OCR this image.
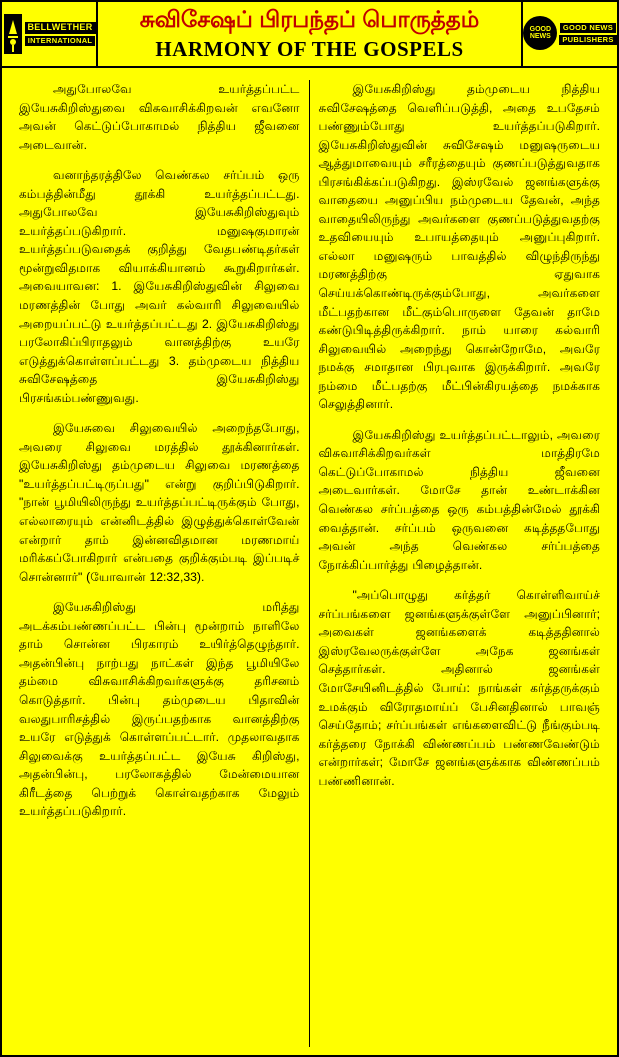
BELLWETHER
INTERNATIONAL
சுவிசேஷப் பிரபந்தப் பொருத்தம்
HARMONY OF THE GOSPELS
GOOD NEWS
GOOD NEWS
PUBLISHERS

அதுபோலவே உயர்த்தப்பட்ட இயேசுகிறிஸ்துவை விசுவாசிக்கிறவன் எவனோ அவன் கெட்டுப்போகாமல் நித்திய ஜீவனை அடைவான்.

வனாந்தரத்திலே வெண்கல சர்ப்பம் ஒரு கம்பத்தின்மீது தூக்கி உயர்த்தப்பட்டது. அதுபோலவே இயேசுகிறிஸ்துவும் உயர்த்தப்படுகிறார். மனுஷகுமாரன் உயர்த்தப்படுவதைக் குறித்து வேதபண்டிதர்கள் மூன்றுவிதமாக வியாக்கியானம் கூறுகிறார்கள். அவையாவன: 1. இயேசுகிறிஸ்துவின் சிலுவை மரணத்தின் போது அவர் கல்வாரி சிலுவையில் அறையப்பட்டு உயர்த்தப்பட்டது 2. இயேசுகிறிஸ்து பரலோகிப்பிராதலும் வானத்திற்கு உயரே எடுத்துக்கொள்ளப்பட்டது 3. தம்முடைய நித்திய சுவிசேஷத்தை இயேசுகிறிஸ்து பிரசங்கம்பண்ணுவது.

இயேசுவை சிலுவையில் அறைந்தபோது, அவரை சிலுவை மரத்தில் தூக்கினார்கள். இயேசுகிறிஸ்து தம்முடைய சிலுவை மரணத்தை "உயர்த்தப்பட்டிருப்பது" என்று குறிப்பிடுகிறார். "நான் பூமியிலிருந்து உயர்த்தப்பட்டிருக்கும் போது, எல்லாரையும் என்னிடத்தில் இழுத்துக்கொள்வேன் என்றார் தாம் இன்னவிதமான மரணமாய் மரிக்கப்போகிறார் என்பதை குறிக்கும்படி இப்படிச் சொன்னார்" (யோவான் 12:32,33).

இயேசுகிறிஸ்து மரித்து அடக்கம்பண்ணப்பட்ட பின்பு மூன்றாம் நாளிலே தாம் சொன்ன பிரகாரம் உயிர்த்தெழுந்தார். அதன்பின்பு நாற்பது நாட்கள் இந்த பூமியிலே தம்மை விசுவாசிக்கிறவர்களுக்கு தரிசனம் கொடுத்தார். பின்பு தம்முடைய பிதாவின் வலதுபாரிசத்தில் இருப்பதற்காக வானத்திற்கு உயரே எடுத்துக் கொள்ளப்பட்டார். முதலாவதாக சிலுவைக்கு உயர்த்தப்பட்ட இயேசு கிறிஸ்து, அதன்பின்பு, பரலோகத்தில் மேன்மையான கிரீடத்தை பெற்றுக் கொள்வதற்காக மேலும் உயர்த்தப்படுகிறார்.

இயேசுகிறிஸ்து தம்முடைய நித்திய சுவிசேஷத்தை வெளிப்படுத்தி, அதை உபதேசம் பண்ணும்போது உயர்த்தப்படுகிறார். இயேசுகிறிஸ்துவின் சுவிசேஷம் மனுஷருடைய ஆத்துமாவையும் சரீரத்தையும் குணப்படுத்துவதாக பிரசங்கிக்கப்படுகிறது. இஸ்ரவேல் ஜனங்களுக்கு வாதையை அனுப்பிய நம்முடைய தேவன், அந்த வாதையிலிருந்து அவர்களை குணப்படுத்துவதற்கு உதவியையும் உபாயத்தையும் அனுப்புகிறார். எல்லா மனுஷரும் பாவத்தில் விழுந்திருந்து மரணத்திற்கு ஏதுவாக செய்யக்கொண்டிருக்கும்போது, அவர்களை மீட்பதற்கான மீட்கும்பொருளை தேவன் தாமே கண்டுபிடித்திருக்கிறார். நாம் யாரை கல்வாரி சிலுவையில் அறைந்து கொன்றோமே, அவரே நமக்கு சமாதான பிரபுவாக இருக்கிறார். அவரே நம்மை மீட்பதற்கு மீட்பின்கிரயத்தை நமக்காக செலுத்தினார்.

இயேசுகிறிஸ்து உயர்த்தப்பட்டாலும், அவரை விசுவாசிக்கிறவர்கள் மாத்திரமே கெட்டுப்போகாமல் நித்திய ஜீவனை அடைவார்கள். மோசே தான் உண்டாக்கின வெண்கல சர்ப்பத்தை ஒரு கம்பத்தின்மேல் தூக்கி வைத்தான். சர்ப்பம் ஒருவனை கடித்ததபோது அவன் அந்த வெண்கல சர்ப்பத்தை நோக்கிப்பார்த்து பிழைத்தான்.

"அப்பொழுது கர்த்தர் கொள்ளிவாய்ச் சர்ப்பங்களை ஜனங்களுக்குள்ளே அனுப்பினார்; அவைகள் ஜனங்களைக் கடித்ததினால் இஸ்ரவேலருக்குள்ளே அநேக ஜனங்கள் செத்தார்கள். அதினால் ஜனங்கள் மோசேயினிடத்தில் போய்: நாங்கள் கர்த்தருக்கும் உமக்கும் விரோதமாய்ப் பேசினதினால் பாவஞ் செய்தோம்; சர்ப்பங்கள் எங்களைவிட்டு நீங்கும்படி கர்த்தரை நோக்கி விண்ணப்பம் பண்ணவேண்டும் என்றார்கள்; மோசே ஜனங்களுக்காக விண்ணப்பம் பண்ணினான்.
